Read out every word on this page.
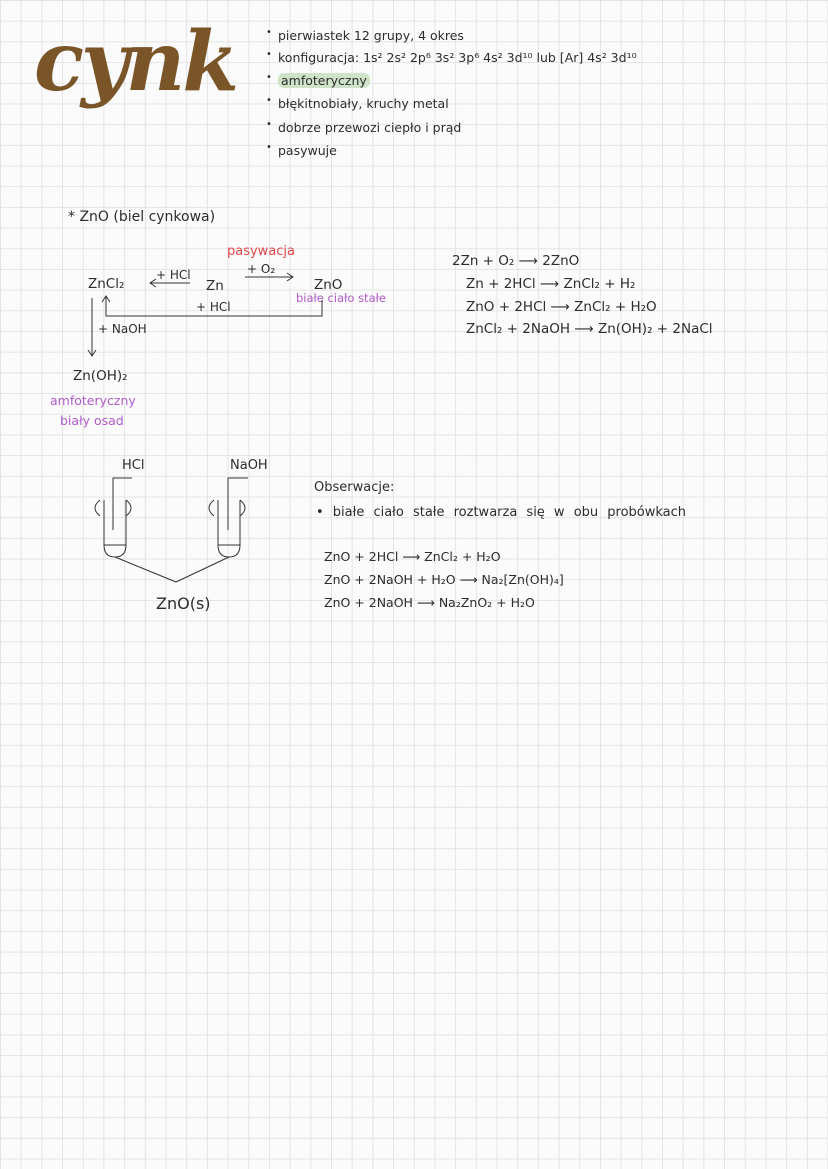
cynk	• pierwiastek 12 grupy, 4 okres
• konfiguracja: 1s² 2s² 2p⁶ 3s² 3p⁶ 4s² 3d¹⁰ lub [Ar] 4s² 3d¹⁰
• amfoteryczny
• błękitnobiały, kruchy metal
• dobrze przewozi ciepło i prąd
• pasywuje
* ZnO (biel cynkowa)
pasywacja
+ O₂
ZnCl₂
+ HCl
Zn	ZnO
białe ciało stałe
+ HCl
+ NaOH
Zn(OH)₂
amfoteryczny
biały osad
2Zn + O₂ ⟶ 2ZnO
Zn + 2HCl ⟶ ZnCl₂ + H₂
ZnO + 2HCl ⟶ ZnCl₂ + H₂O
ZnCl₂ + 2NaOH ⟶ Zn(OH)₂ + 2NaCl
HCl	NaOH
ZnO(s)
Obserwacje:
• białe ciało stałe roztwarza się w obu probówkach
ZnO + 2HCl ⟶ ZnCl₂ + H₂O
ZnO + 2NaOH + H₂O ⟶ Na₂[Zn(OH)₄]
ZnO + 2NaOH ⟶ Na₂ZnO₂ + H₂O
